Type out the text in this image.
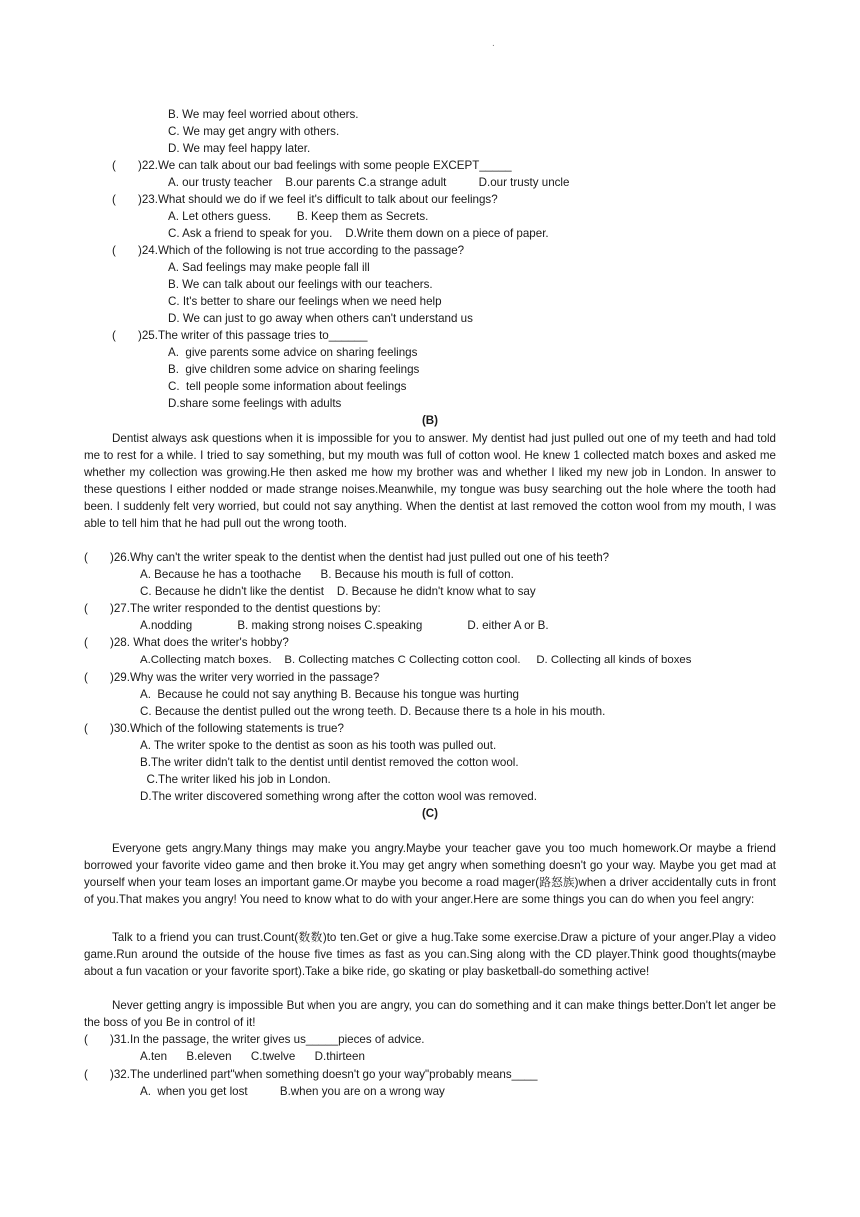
.
B. We may feel worried about others.
C. We may get angry with others.
D. We may feel happy later.
( )22.We can talk about our bad feelings with some people EXCEPT_____
A. our trusty teacher    B.our parents C.a strange adult          D.our trusty uncle
( )23.What should we do if we feel it's difficult to talk about our feelings?
A. Let others guess.        B. Keep them as Secrets.
C. Ask a friend to speak for you.    D.Write them down on a piece of paper.
( )24.Which of the following is not true according to the passage?
A. Sad feelings may make people fall ill
B. We can talk about our feelings with our teachers.
C. It's better to share our feelings when we need help
D. We can just to go away when others can't understand us
( )25.The writer of this passage tries to______
A.  give parents some advice on sharing feelings
B.  give children some advice on sharing feelings
C.  tell people some information about feelings
D.share some feelings with adults
(B)

Dentist always ask questions when it is impossible for you to answer. My dentist had just pulled out one of my teeth and had told me to rest for a while. I tried to say something, but my mouth was full of cotton wool. He knew 1 collected match boxes and asked me whether my collection was growing.He then asked me how my brother was and whether I liked my new job in London. In answer to these questions I either nodded or made strange noises.Meanwhile, my tongue was busy searching out the hole where the tooth had been. I suddenly felt very worried, but could not say anything. When the dentist at last removed the cotton wool from my mouth, I was able to tell him that he had pull out the wrong tooth.

( )26.Why can't the writer speak to the dentist when the dentist had just pulled out one of his teeth?
A. Because he has a toothache      B. Because his mouth is full of cotton.
C. Because he didn't like the dentist    D. Because he didn't know what to say
( )27.The writer responded to the dentist questions by:
A.nodding              B. making strong noises C.speaking              D. either A or B.
( )28. What does the writer's hobby?
A.Collecting match boxes.    B. Collecting matches C Collecting cotton cool.     D. Collecting all kinds of boxes
( )29.Why was the writer very worried in the passage?
A.  Because he could not say anything B. Because his tongue was hurting
C. Because the dentist pulled out the wrong teeth. D. Because there ts a hole in his mouth.
( )30.Which of the following statements is true?
A. The writer spoke to the dentist as soon as his tooth was pulled out.
B.The writer didn't talk to the dentist until dentist removed the cotton wool.
C.The writer liked his job in London.
D.The writer discovered something wrong after the cotton wool was removed.
(C)

Everyone gets angry.Many things may make you angry.Maybe your teacher gave you too much homework.Or maybe a friend borrowed your favorite video game and then broke it.You may get angry when something doesn't go your way. Maybe you get mad at yourself when your team loses an important game.Or maybe you become a road mager(路怒族)when a driver accidentally cuts in front of you.That makes you angry! You need to know what to do with your anger.Here are some things you can do when you feel angry:

Talk to a friend you can trust.Count(数数)to ten.Get or give a hug.Take some exercise.Draw a picture of your anger.Play a video game.Run around the outside of the house five times as fast as you can.Sing along with the CD player.Think good thoughts(maybe about a fun vacation or your favorite sport).Take a bike ride, go skating or play basketball-do something active!

Never getting angry is impossible But when you are angry, you can do something and it can make things better.Don't let anger be the boss of you Be in control of it!

( )31.In the passage, the writer gives us_____pieces of advice.
A.ten      B.eleven      C.twelve      D.thirteen
( )32.The underlined part"when something doesn't go your way"probably means____
A.  when you get lost          B.when you are on a wrong way
